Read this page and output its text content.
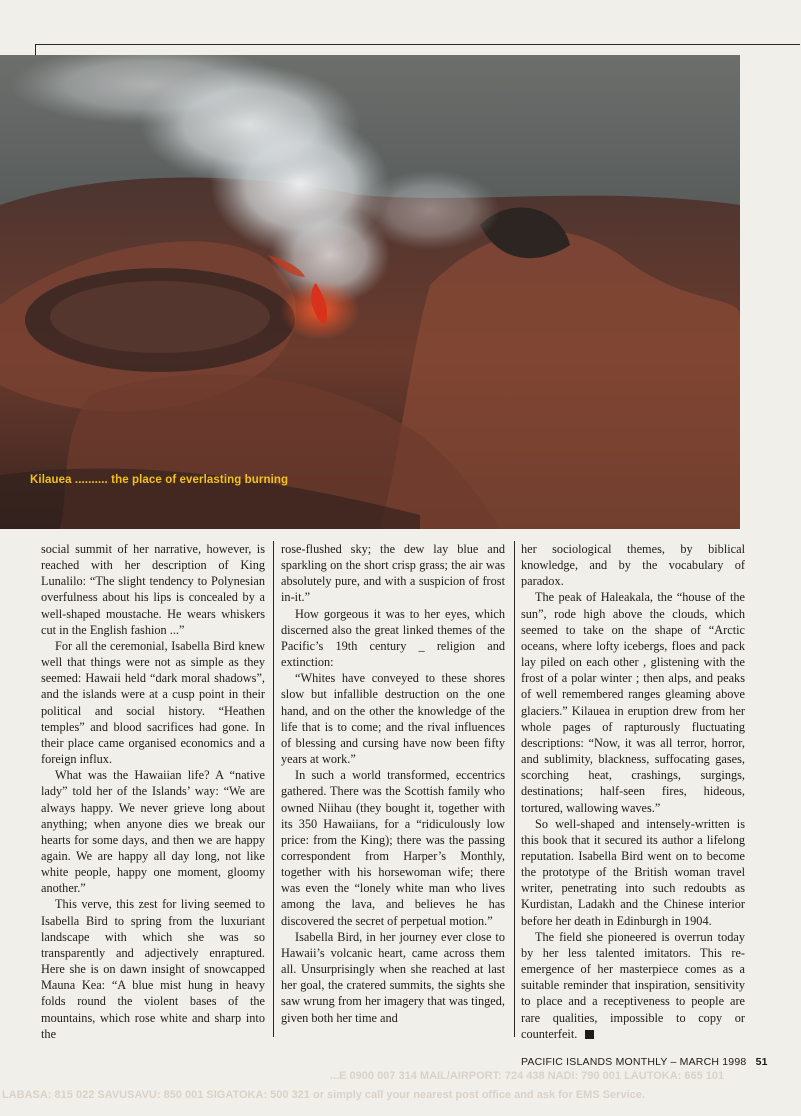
Kilauea .......... the place of everlasting burning

social summit of her narrative, however, is reached with her description of King Lunalilo: “The slight tendency to Polynesian overfulness about his lips is concealed by a well-shaped moustache. He wears whiskers cut in the English fashion ...”

For all the ceremonial, Isabella Bird knew well that things were not as simple as they seemed: Hawaii held “dark moral shadows”, and the islands were at a cusp point in their political and social history. “Heathen temples” and blood sacrifices had gone. In their place came organised economics and a foreign influx.

What was the Hawaiian life? A “native lady” told her of the Islands’ way: “We are always happy. We never grieve long about anything; when anyone dies we break our hearts for some days, and then we are happy again. We are happy all day long, not like white people, happy one moment, gloomy another.”

This verve, this zest for living seemed to Isabella Bird to spring from the luxuriant landscape with which she was so transparently and adjectively enraptured. Here she is on dawn insight of snowcapped Mauna Kea: “A blue mist hung in heavy folds round the violent bases of the mountains, which rose white and sharp into the

rose-flushed sky; the dew lay blue and sparkling on the short crisp grass; the air was absolutely pure, and with a suspicion of frost in-it.”

How gorgeous it was to her eyes, which discerned also the great linked themes of the Pacific’s 19th century _ religion and extinction:

“Whites have conveyed to these shores slow but infallible destruction on the one hand, and on the other the knowledge of the life that is to come; and the rival influences of blessing and cursing have now been fifty years at work.”

In such a world transformed, eccentrics gathered. There was the Scottish family who owned Niihau (they bought it, together with its 350 Hawaiians, for a “ridiculously low price: from the King); there was the passing correspondent from Harper’s Monthly, together with his horsewoman wife; there was even the “lonely white man who lives among the lava, and believes he has discovered the secret of perpetual motion.”

Isabella Bird, in her journey ever close to Hawaii’s volcanic heart, came across them all. Unsurprisingly when she reached at last her goal, the cratered summits, the sights she saw wrung from her imagery that was tinged, given both her time and

her sociological themes, by biblical knowledge, and by the vocabulary of paradox.

The peak of Haleakala, the “house of the sun”, rode high above the clouds, which seemed to take on the shape of “Arctic oceans, where lofty icebergs, floes and pack lay piled on each other , glistening with the frost of a polar winter ; then alps, and peaks of well remembered ranges gleaming above glaciers.” Kilauea in eruption drew from her whole pages of rapturously fluctuating descriptions: “Now, it was all terror, horror, and sublimity, blackness, suffocating gases, scorching heat, crashings, surgings, destinations; half-seen fires, hideous, tortured, wallowing waves.”

So well-shaped and intensely-written is this book that it secured its author a lifelong reputation. Isabella Bird went on to become the prototype of the British woman travel writer, penetrating into such redoubts as Kurdistan, Ladakh and the Chinese interior before her death in Edinburgh in 1904.

The field she pioneered is overrun today by her less talented imitators. This re-emergence of her masterpiece comes as a suitable reminder that inspiration, sensitivity to place and a receptiveness to people are rare qualities, impossible to copy or counterfeit.

PACIFIC ISLANDS MONTHLY – MARCH 1998 51
...E 0900 007 314 MAIL/AIRPORT: 724 438 NADI: 790 001 LAUTOKA: 665 101
LABASA: 815 022 SAVUSAVU: 850 001 SIGATOKA: 500 321 or simply call your nearest post office and ask for EMS Service.
